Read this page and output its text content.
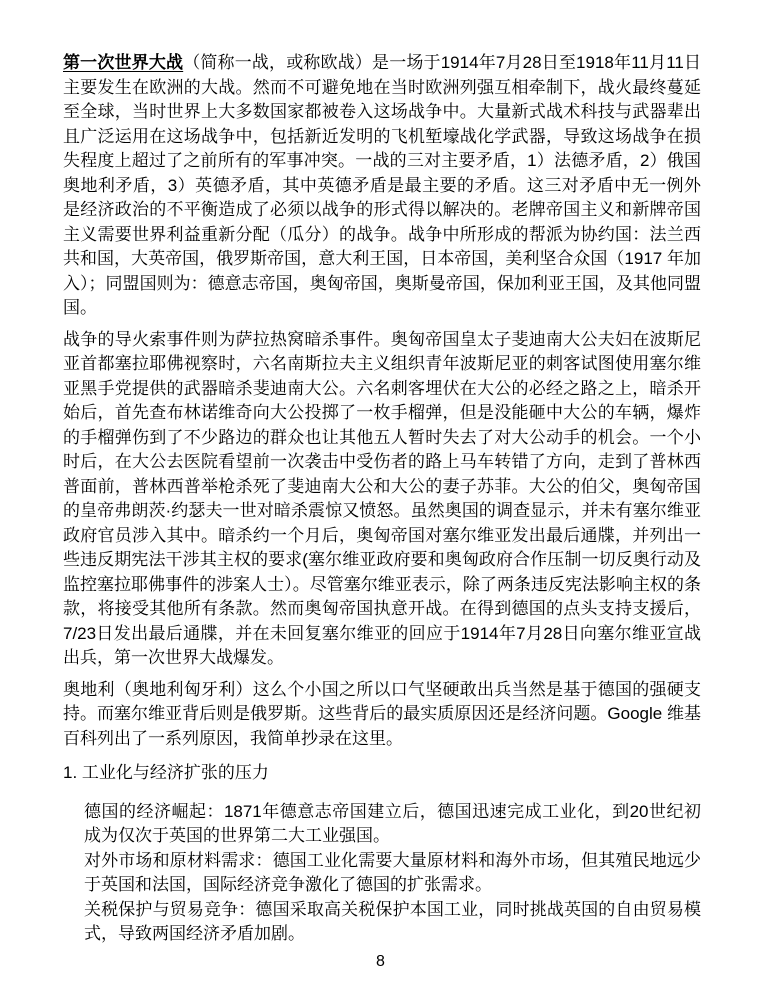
第一次世界大战（简称一战，或称欧战）是一场于1914年7月28日至1918年11月11日主要发生在欧洲的大战。然而不可避免地在当时欧洲列强互相牵制下，战火最终蔓延至全球，当时世界上大多数国家都被卷入这场战争中。大量新式战术科技与武器辈出且广泛运用在这场战争中，包括新近发明的飞机堑壕战化学武器，导致这场战争在损失程度上超过了之前所有的军事冲突。一战的三对主要矛盾，1）法德矛盾，2）俄国奥地利矛盾，3）英德矛盾，其中英德矛盾是最主要的矛盾。这三对矛盾中无一例外是经济政治的不平衡造成了必须以战争的形式得以解决的。老牌帝国主义和新牌帝国主义需要世界利益重新分配（瓜分）的战争。战争中所形成的帮派为协约国：法兰西共和国，大英帝国，俄罗斯帝国，意大利王国，日本帝国，美利坚合众国（1917 年加入）；同盟国则为：德意志帝国，奥匈帝国，奥斯曼帝国，保加利亚王国，及其他同盟国。

战争的导火索事件则为萨拉热窝暗杀事件。奥匈帝国皇太子斐迪南大公夫妇在波斯尼亚首都塞拉耶佛视察时，六名南斯拉夫主义组织青年波斯尼亚的刺客试图使用塞尔维亚黑手党提供的武器暗杀斐迪南大公。六名刺客埋伏在大公的必经之路之上，暗杀开始后，首先查布林诺维奇向大公投掷了一枚手榴弹，但是没能砸中大公的车辆，爆炸的手榴弹伤到了不少路边的群众也让其他五人暂时失去了对大公动手的机会。一个小时后，在大公去医院看望前一次袭击中受伤者的路上马车转错了方向，走到了普林西普面前，普林西普举枪杀死了斐迪南大公和大公的妻子苏菲。大公的伯父，奥匈帝国的皇帝弗朗茨·约瑟夫一世对暗杀震惊又愤怒。虽然奥国的调查显示，并未有塞尔维亚政府官员涉入其中。暗杀约一个月后，奥匈帝国对塞尔维亚发出最后通牒，并列出一些违反期宪法干涉其主权的要求(塞尔维亚政府要和奥匈政府合作压制一切反奥行动及监控塞拉耶佛事件的涉案人士）。尽管塞尔维亚表示，除了两条违反宪法影响主权的条款，将接受其他所有条款。然而奥匈帝国执意开战。在得到德国的点头支持支援后，7/23日发出最后通牒，并在未回复塞尔维亚的回应于1914年7月28日向塞尔维亚宣战出兵，第一次世界大战爆发。

奥地利（奥地利匈牙利）这么个小国之所以口气坚硬敢出兵当然是基于德国的强硬支持。而塞尔维亚背后则是俄罗斯。这些背后的最实质原因还是经济问题。Google 维基百科列出了一系列原因，我简单抄录在这里。

1. 工业化与经济扩张的压力

德国的经济崛起：1871年德意志帝国建立后，德国迅速完成工业化，到20世纪初成为仅次于英国的世界第二大工业强国。

对外市场和原材料需求：德国工业化需要大量原材料和海外市场，但其殖民地远少于英国和法国，国际经济竞争激化了德国的扩张需求。

关税保护与贸易竞争：德国采取高关税保护本国工业，同时挑战英国的自由贸易模式，导致两国经济矛盾加剧。

8
